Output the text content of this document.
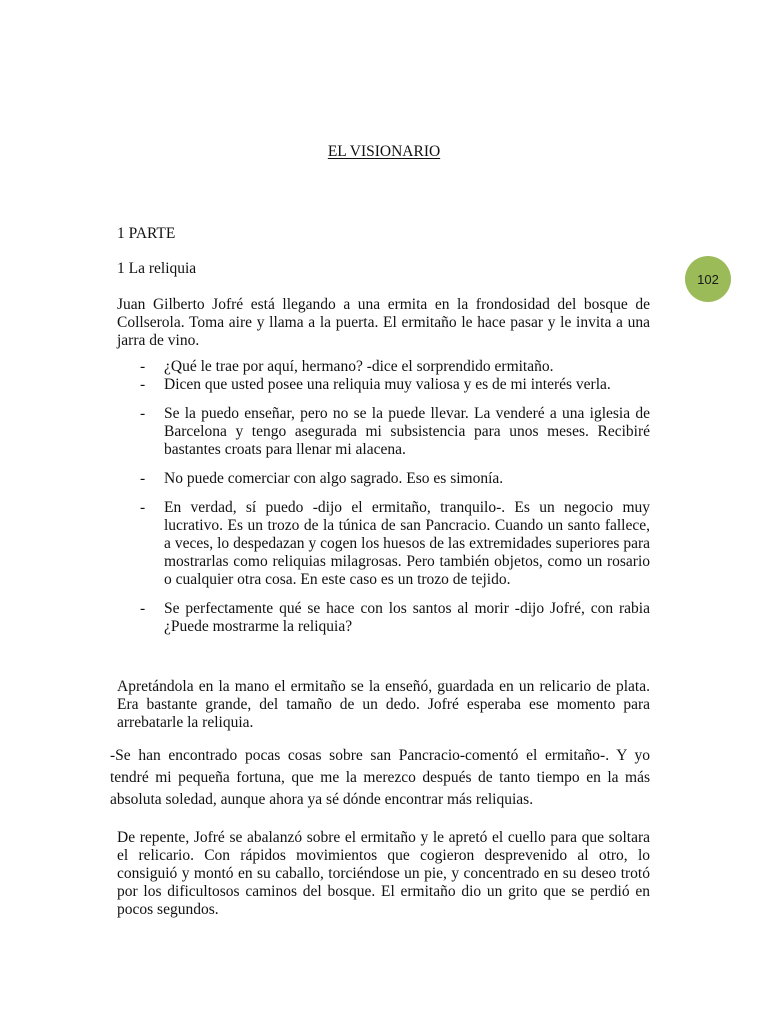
EL VISIONARIO
102
1 PARTE
1 La reliquia

Juan Gilberto Jofré está llegando a una ermita en la frondosidad del bosque de Collserola. Toma aire y llama a la puerta. El ermitaño le hace pasar y le invita a una jarra de vino.

- ¿Qué le trae por aquí, hermano? -dice el sorprendido ermitaño.
- Dicen que usted posee una reliquia muy valiosa y es de mi interés verla.
- Se la puedo enseñar, pero no se la puede llevar. La venderé a una iglesia de Barcelona y tengo asegurada mi subsistencia para unos meses. Recibiré bastantes croats para llenar mi alacena.
- No puede comerciar con algo sagrado. Eso es simonía.
- En verdad, sí puedo -dijo el ermitaño, tranquilo-. Es un negocio muy lucrativo. Es un trozo de la túnica de san Pancracio. Cuando un santo fallece, a veces, lo despedazan y cogen los huesos de las extremidades superiores para mostrarlas como reliquias milagrosas. Pero también objetos, como un rosario o cualquier otra cosa. En este caso es un trozo de tejido.
- Se perfectamente qué se hace con los santos al morir -dijo Jofré, con rabia ¿Puede mostrarme la reliquia?

Apretándola en la mano el ermitaño se la enseñó, guardada en un relicario de plata. Era bastante grande, del tamaño de un dedo. Jofré esperaba ese momento para arrebatarle la reliquia.

-Se han encontrado pocas cosas sobre san Pancracio-comentó el ermitaño-. Y yo tendré mi pequeña fortuna, que me la merezco después de tanto tiempo en la más absoluta soledad, aunque ahora ya sé dónde encontrar más reliquias.

De repente, Jofré se abalanzó sobre el ermitaño y le apretó el cuello para que soltara el relicario. Con rápidos movimientos que cogieron desprevenido al otro, lo consiguió y montó en su caballo, torciéndose un pie, y concentrado en su deseo trotó por los dificultosos caminos del bosque. El ermitaño dio un grito que se perdió en pocos segundos.
